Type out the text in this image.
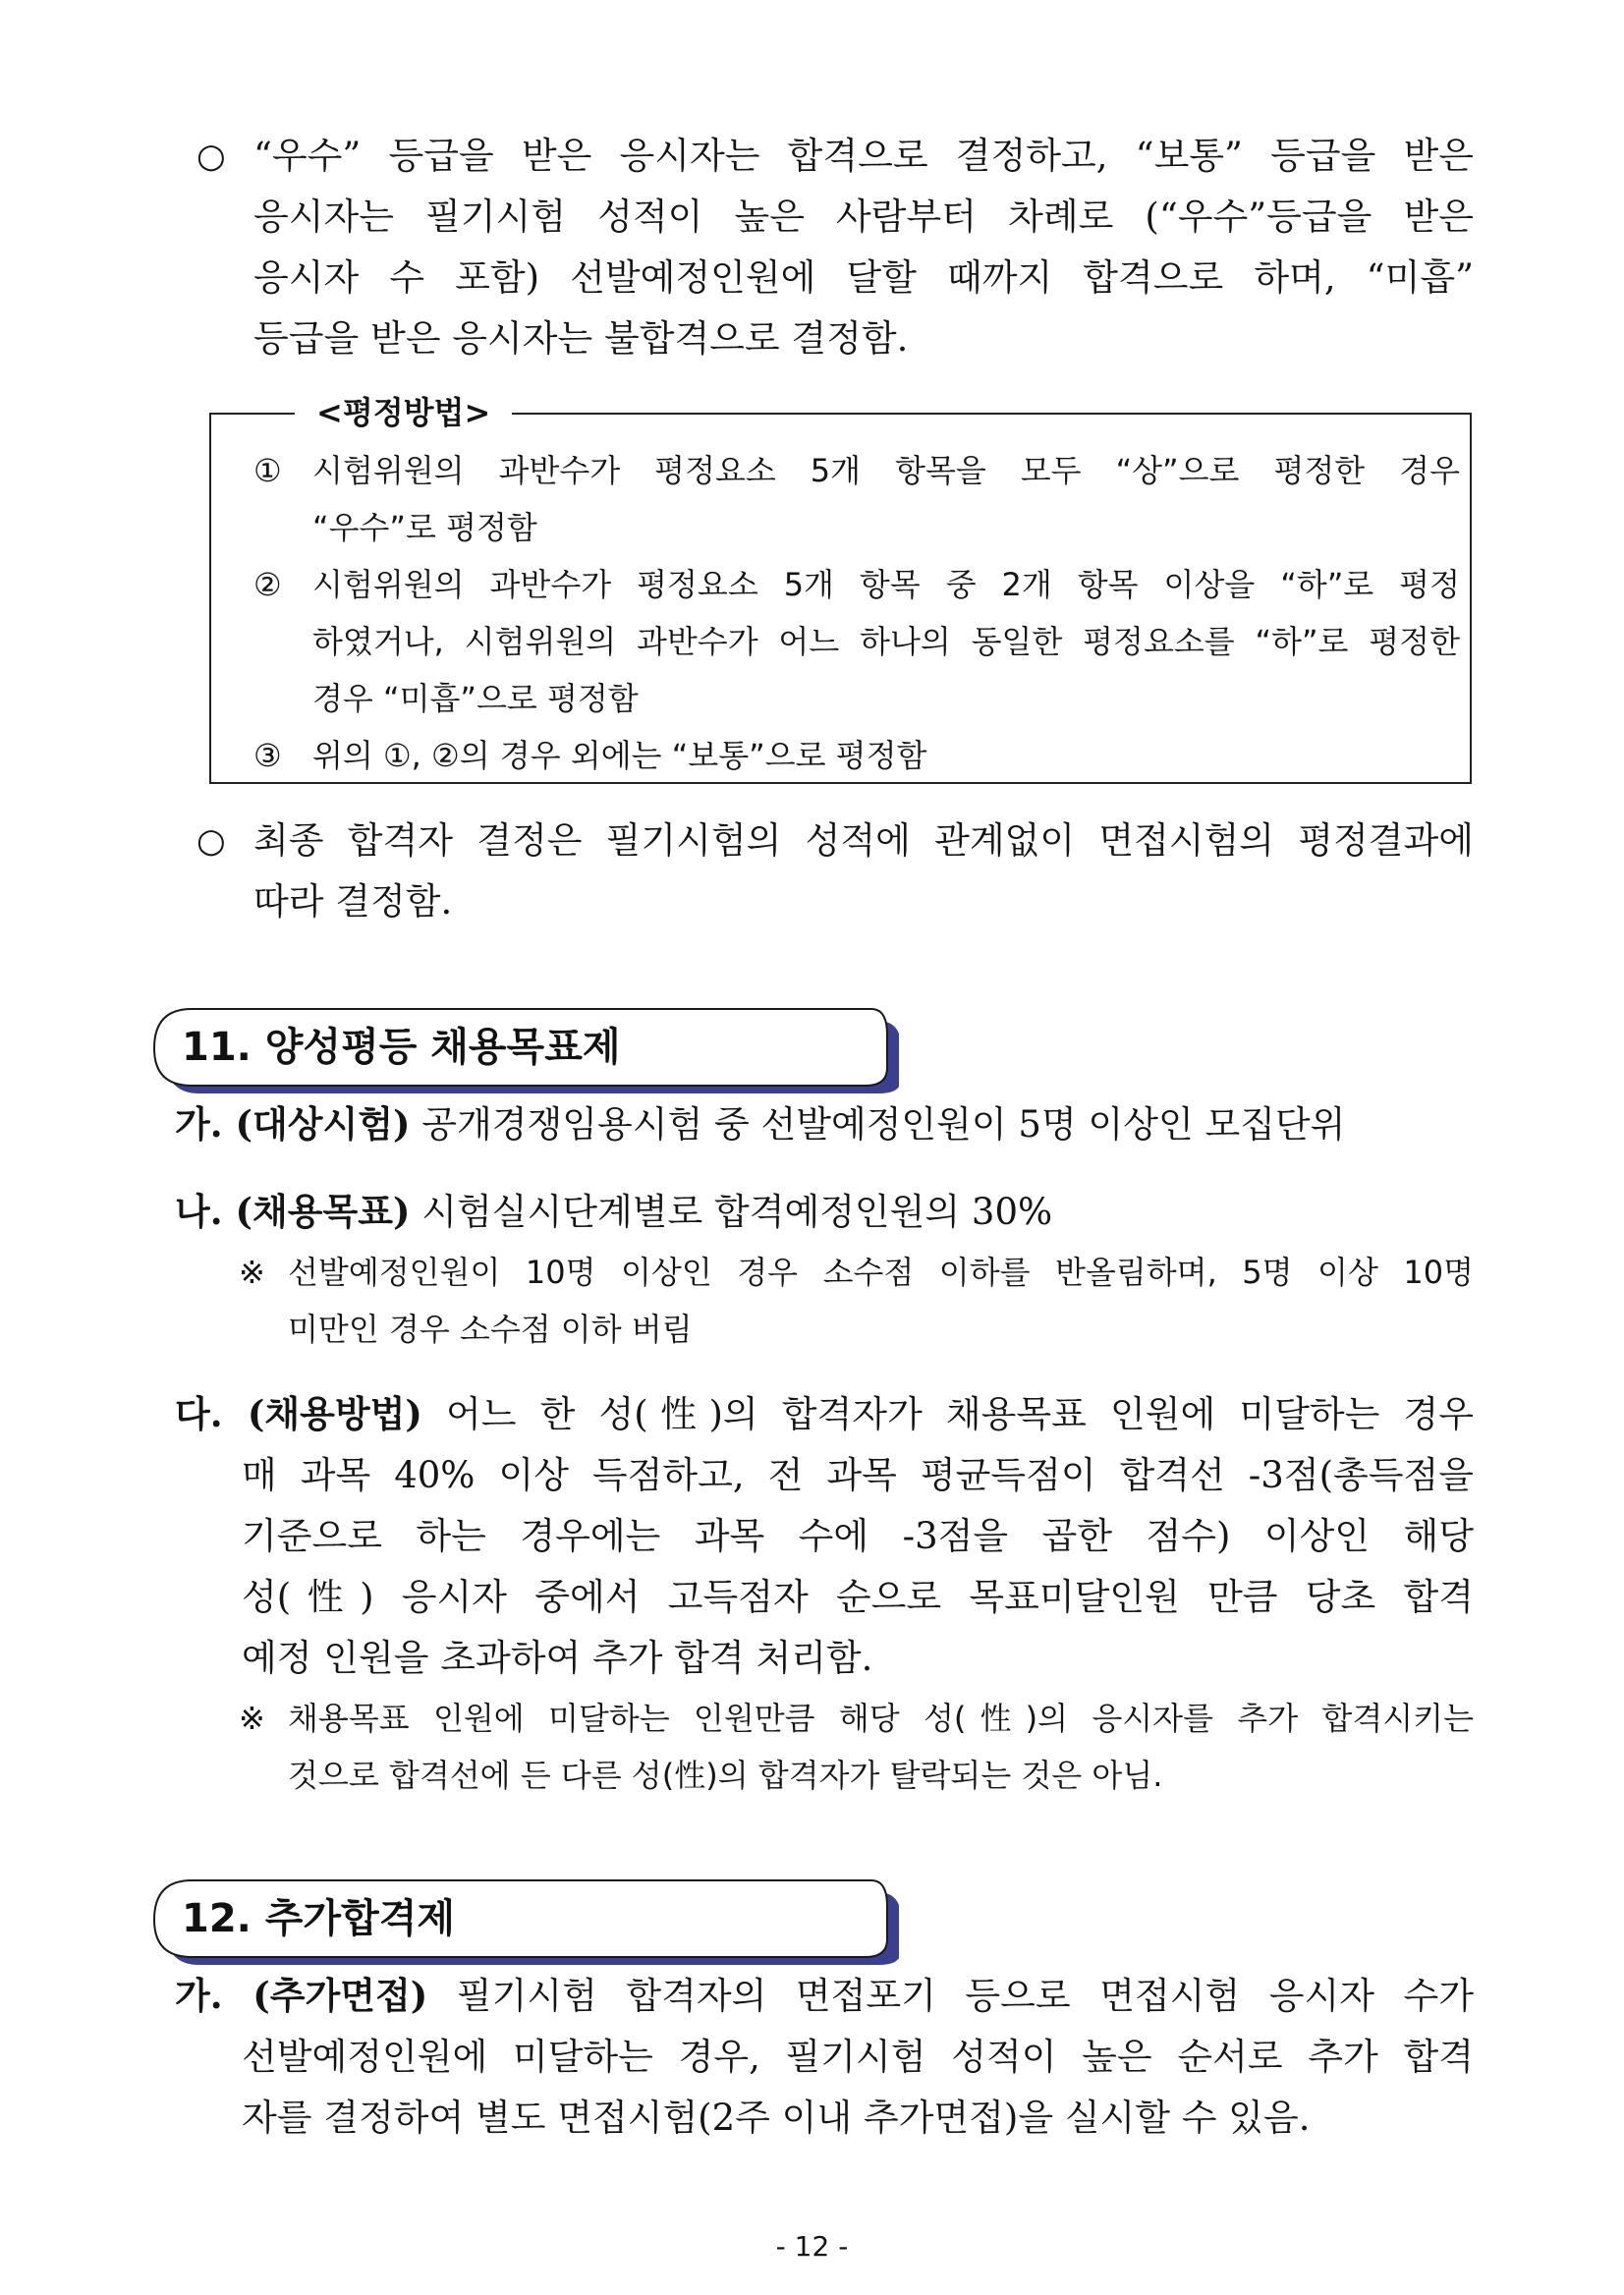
○ “우수” 등급을 받은 응시자는 합격으로 결정하고, “보통” 등급을 받은
응시자는 필기시험 성적이 높은 사람부터 차례로 (“우수”등급을 받은
응시자 수 포함) 선발예정인원에 달할 때까지 합격으로 하며, “미흡”
등급을 받은 응시자는 불합격으로 결정함.
<평정방법>
① 시험위원의 과반수가 평정요소 5개 항목을 모두 “상”으로 평정한 경우
“우수”로 평정함
② 시험위원의 과반수가 평정요소 5개 항목 중 2개 항목 이상을 “하”로 평정
하였거나, 시험위원의 과반수가 어느 하나의 동일한 평정요소를 “하”로 평정한
경우 “미흡”으로 평정함
③ 위의 ①, ②의 경우 외에는 “보통”으로 평정함
○ 최종 합격자 결정은 필기시험의 성적에 관계없이 면접시험의 평정결과에
따라 결정함.
11. 양성평등 채용목표제
가. (대상시험) 공개경쟁임용시험 중 선발예정인원이 5명 이상인 모집단위
나. (채용목표) 시험실시단계별로 합격예정인원의 30%
※ 선발예정인원이 10명 이상인 경우 소수점 이하를 반올림하며, 5명 이상 10명
미만인 경우 소수점 이하 버림
다. (채용방법) 어느 한 성(性)의 합격자가 채용목표 인원에 미달하는 경우
매 과목 40% 이상 득점하고, 전 과목 평균득점이 합격선 -3점(총득점을
기준으로 하는 경우에는 과목 수에 -3점을 곱한 점수) 이상인 해당
성(性) 응시자 중에서 고득점자 순으로 목표미달인원 만큼 당초 합격
예정 인원을 초과하여 추가 합격 처리함.
※ 채용목표 인원에 미달하는 인원만큼 해당 성(性)의 응시자를 추가 합격시키는
것으로 합격선에 든 다른 성(性)의 합격자가 탈락되는 것은 아님.
12. 추가합격제
가. (추가면접) 필기시험 합격자의 면접포기 등으로 면접시험 응시자 수가
선발예정인원에 미달하는 경우, 필기시험 성적이 높은 순서로 추가 합격
자를 결정하여 별도 면접시험(2주 이내 추가면접)을 실시할 수 있음.
- 12 -
